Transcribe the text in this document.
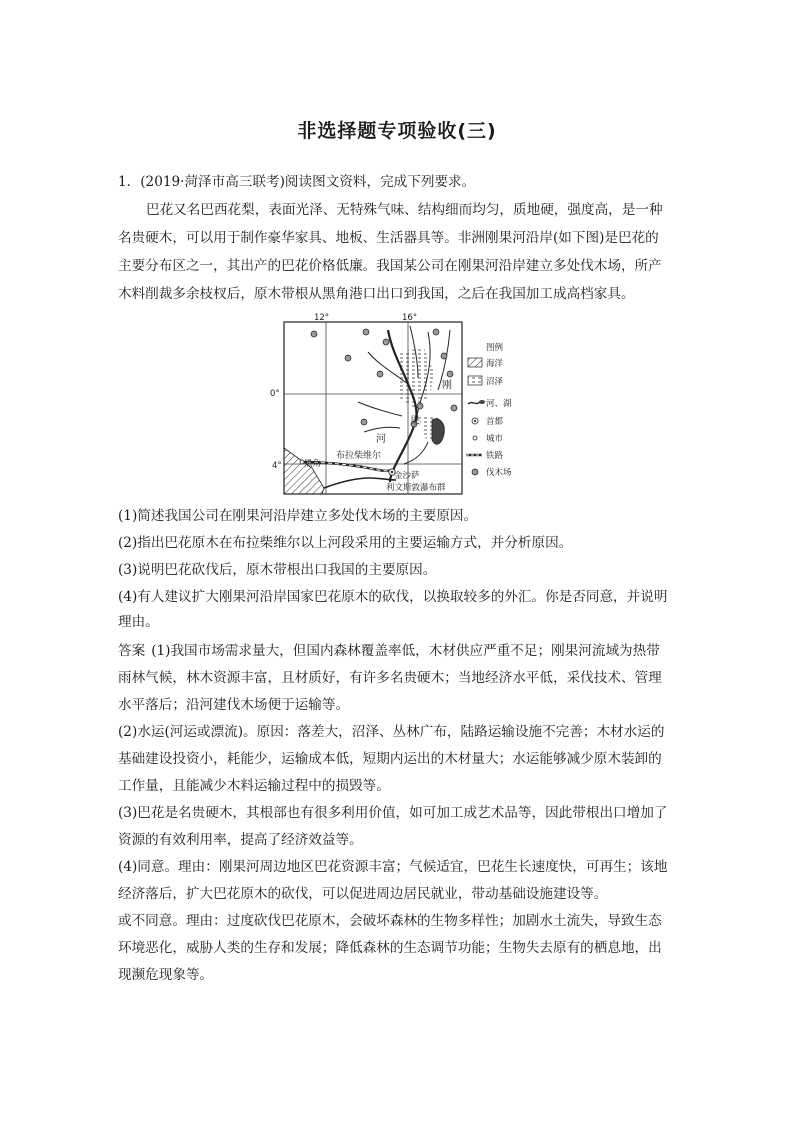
非选择题专项验收(三)
1．(2019·菏泽市高三联考)阅读图文资料，完成下列要求。
巴花又名巴西花梨，表面光泽、无特殊气味、结构细而均匀，质地硬，强度高，是一种
名贵硬木，可以用于制作豪华家具、地板、生活器具等。非洲刚果河沿岸(如下图)是巴花的
主要分布区之一，其出产的巴花价格低廉。我国某公司在刚果河沿岸建立多处伐木场，所产
木料削裁多余枝杈后，原木带根从黑角港口出口到我国，之后在我国加工成高档家具。
12°	16°
0°
4°
刚
果
河
布拉柴维尔
黑角
金沙萨
利文斯敦瀑布群
图例
海洋
沼泽
河、湖
首都
城市
铁路
伐木场
(1)简述我国公司在刚果河沿岸建立多处伐木场的主要原因。
(2)指出巴花原木在布拉柴维尔以上河段采用的主要运输方式，并分析原因。
(3)说明巴花砍伐后，原木带根出口我国的主要原因。
(4)有人建议扩大刚果河沿岸国家巴花原木的砍伐，以换取较多的外汇。你是否同意，并说明
理由。
答案 (1)我国市场需求量大，但国内森林覆盖率低，木材供应严重不足；刚果河流域为热带
雨林气候，林木资源丰富，且材质好，有许多名贵硬木；当地经济水平低，采伐技术、管理
水平落后；沿河建伐木场便于运输等。
(2)水运(河运或漂流)。原因：落差大，沼泽、丛林广布，陆路运输设施不完善；木材水运的
基础建设投资小，耗能少，运输成本低，短期内运出的木材量大；水运能够减少原木装卸的
工作量，且能减少木料运输过程中的损毁等。
(3)巴花是名贵硬木，其根部也有很多利用价值，如可加工成艺术品等，因此带根出口增加了
资源的有效利用率，提高了经济效益等。
(4)同意。理由：刚果河周边地区巴花资源丰富；气候适宜，巴花生长速度快，可再生；该地
经济落后，扩大巴花原木的砍伐，可以促进周边居民就业，带动基础设施建设等。
或不同意。理由：过度砍伐巴花原木，会破坏森林的生物多样性；加剧水土流失，导致生态
环境恶化，威胁人类的生存和发展；降低森林的生态调节功能；生物失去原有的栖息地，出
现濒危现象等。
